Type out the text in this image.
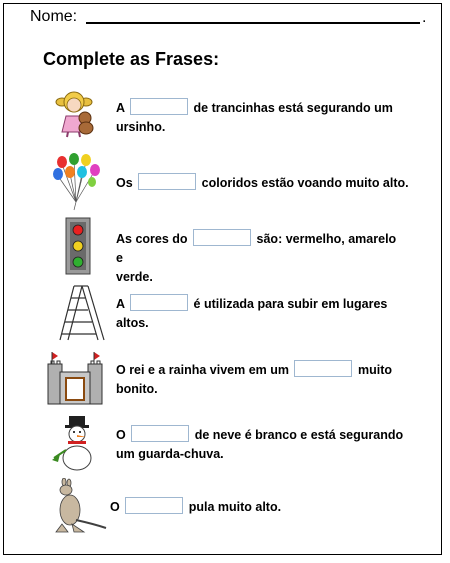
Nome:	.
Complete as Frases:
A	de trancinhas está segurando um
ursinho.
Os	coloridos estão voando muito alto.
As cores do	são: vermelho, amarelo e
verde.
A	é utilizada para subir em lugares
altos.
O rei e a rainha vivem em um	muito
bonito.
O	de neve é branco e está segurando
um guarda-chuva.
O	pula muito alto.
